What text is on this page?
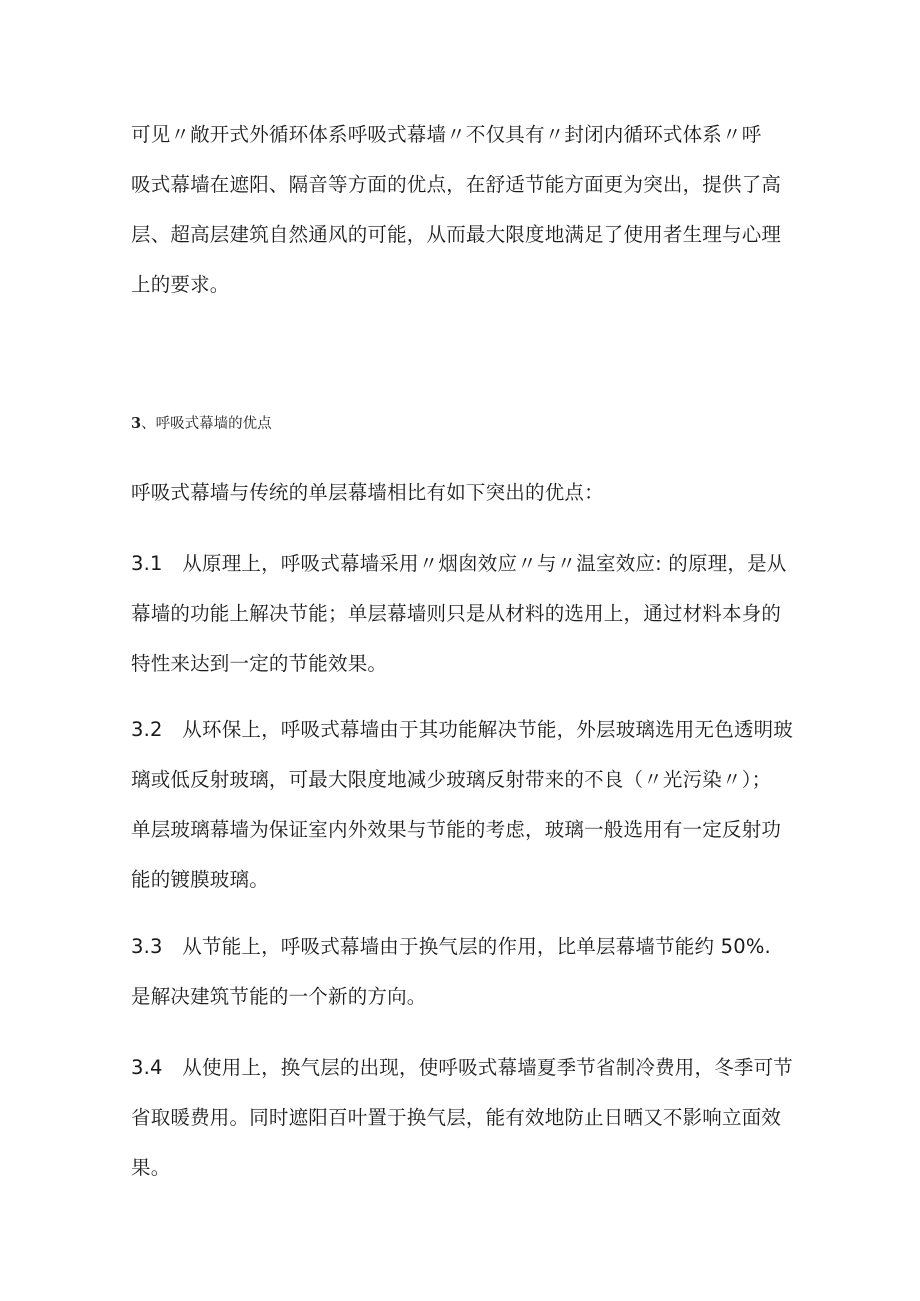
可见〃敞开式外循环体系呼吸式幕墙〃不仅具有〃封闭内循环式体系〃呼
吸式幕墙在遮阳、隔音等方面的优点，在舒适节能方面更为突出，提供了高
层、超高层建筑自然通风的可能，从而最大限度地满足了使用者生理与心理
上的要求。

3、呼吸式幕墙的优点

呼吸式幕墙与传统的单层幕墙相比有如下突出的优点：

3.1　从原理上，呼吸式幕墙采用〃烟囱效应〃与〃温室效应: 的原理，是从
幕墙的功能上解决节能；单层幕墙则只是从材料的选用上，通过材料本身的
特性来达到一定的节能效果。

3.2　从环保上，呼吸式幕墙由于其功能解决节能，外层玻璃选用无色透明玻
璃或低反射玻璃，可最大限度地减少玻璃反射带来的不良（〃光污染〃）；
单层玻璃幕墙为保证室内外效果与节能的考虑，玻璃一般选用有一定反射功
能的镀膜玻璃。

3.3　从节能上，呼吸式幕墙由于换气层的作用，比单层幕墙节能约 50%.
是解决建筑节能的一个新的方向。

3.4　从使用上，换气层的出现，使呼吸式幕墙夏季节省制冷费用，冬季可节
省取暖费用。同时遮阳百叶置于换气层，能有效地防止日晒又不影响立面效
果。
